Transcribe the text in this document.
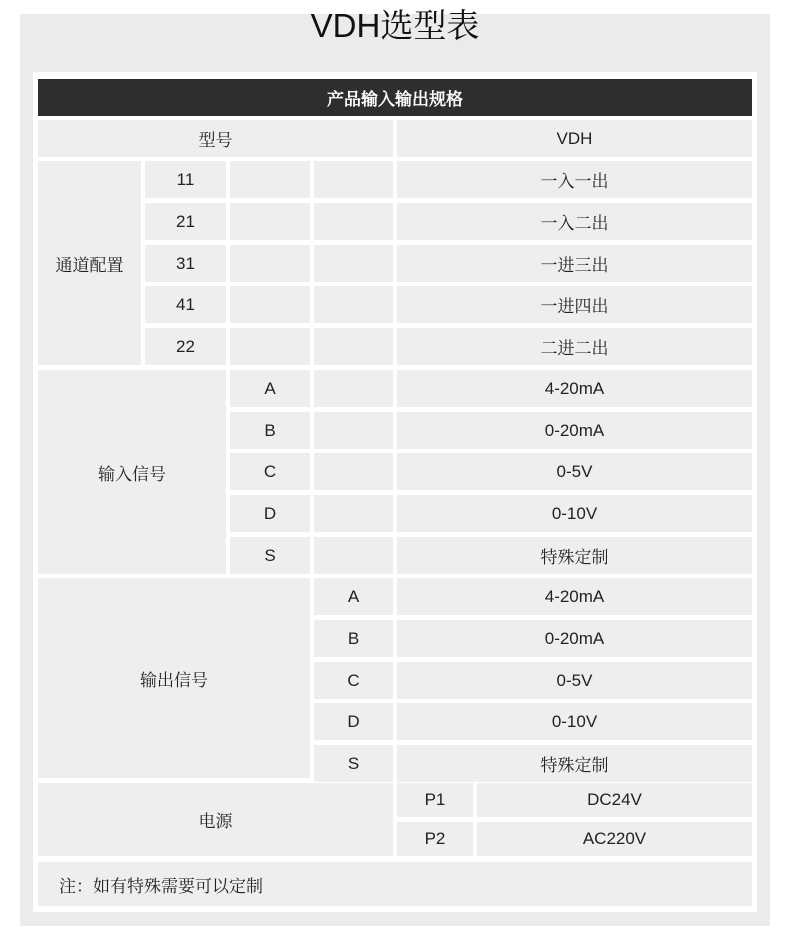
VDH选型表
产品输入输出规格
型号	VDH
通道配置
11	一入一出
21	一入二出
31	一进三出
41	一进四出
22	二进二出
输入信号
A	4-20mA
B	0-20mA
C	0-5V
D	0-10V
S	特殊定制
输出信号
A	4-20mA
B	0-20mA
C	0-5V
D	0-10V
S	特殊定制
电源
P1	DC24V
P2	AC220V
注：如有特殊需要可以定制
